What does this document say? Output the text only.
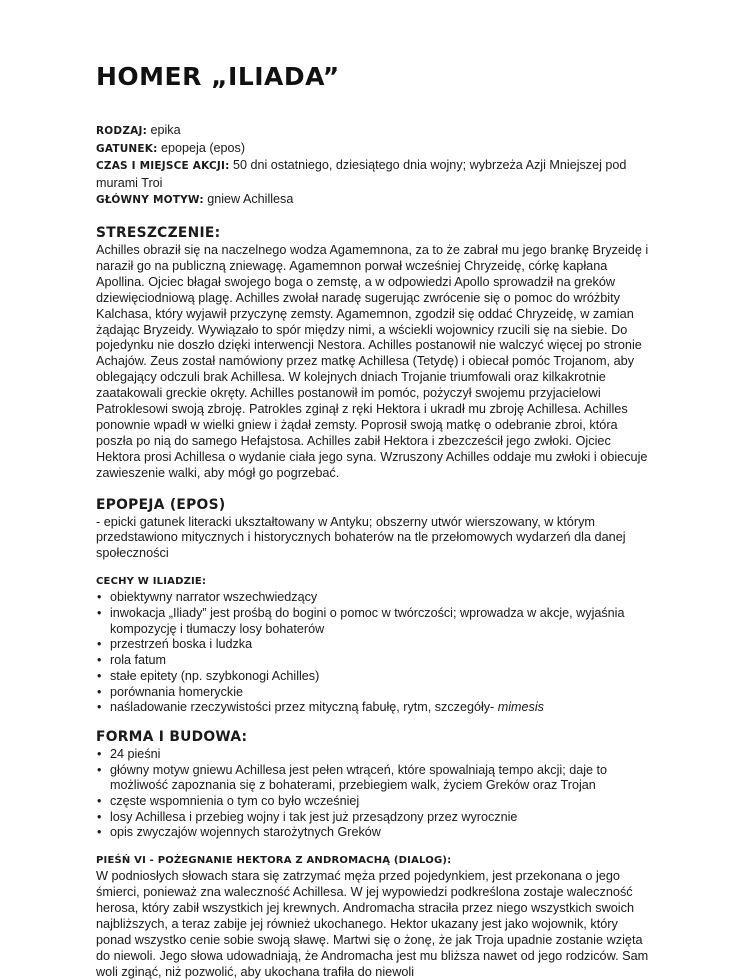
HOMER „ILIADA”
RODZAJ: epika
GATUNEK: epopeja (epos)
CZAS I MIEJSCE AKCJI: 50 dni ostatniego, dziesiątego dnia wojny; wybrzeża Azji Mniejszej pod murami Troi
GŁÓWNY MOTYW: gniew Achillesa
STRESZCZENIE:

Achilles obraził się na naczelnego wodza Agamemnona, za to że zabrał mu jego brankę Bryzeidę i naraził go na publiczną zniewagę. Agamemnon porwał wcześniej Chryzeidę, córkę kapłana Apollina. Ojciec błagał swojego boga o zemstę, a w odpowiedzi Apollo sprowadził na greków dziewięciodniową plagę. Achilles zwołał naradę sugerując zwrócenie się o pomoc do wróżbity Kalchasa, który wyjawił przyczynę zemsty. Agamemnon, zgodził się oddać Chryzeidę, w zamian żądając Bryzeidy. Wywiązało to spór między nimi, a wściekli wojownicy rzucili się na siebie. Do pojedynku nie doszło dzięki interwencji Nestora. Achilles postanowił nie walczyć więcej po stronie Achajów. Zeus został namówiony przez matkę Achillesa (Tetydę) i obiecał pomóc Trojanom, aby oblegający odczuli brak Achillesa. W kolejnych dniach Trojanie triumfowali oraz kilkakrotnie zaatakowali greckie okręty. Achilles postanowił im pomóc, pożyczył swojemu przyjacielowi Patroklesowi swoją zbroję. Patrokles zginął z ręki Hektora i ukradł mu zbroję Achillesa. Achilles ponownie wpadł w wielki gniew i żądał zemsty. Poprosił swoją matkę o odebranie zbroi, która poszła po nią do samego Hefajstosa. Achilles zabił Hektora i zbezcześcił jego zwłoki. Ojciec Hektora prosi Achillesa o wydanie ciała jego syna. Wzruszony Achilles oddaje mu zwłoki i obiecuje zawieszenie walki, aby mógł go pogrzebać.

EPOPEJA (EPOS)

- epicki gatunek literacki ukształtowany w Antyku; obszerny utwór wierszowany, w którym przedstawiono mitycznych i historycznych bohaterów na tle przełomowych wydarzeń dla danej społeczności

CECHY W ILIADZIE:
• obiektywny narrator wszechwiedzący
• inwokacja „Iliady” jest prośbą do bogini o pomoc w twórczości; wprowadza w akcje, wyjaśnia kompozycję i tłumaczy losy bohaterów
• przestrzeń boska i ludzka
• rola fatum
• stałe epitety (np. szybkonogi Achilles)
• porównania homeryckie
• naśladowanie rzeczywistości przez mityczną fabułę, rytm, szczegóły- mimesis
FORMA I BUDOWA:
• 24 pieśni
• główny motyw gniewu Achillesa jest pełen wtrąceń, które spowalniają tempo akcji; daje to możliwość zapoznania się z bohaterami, przebiegiem walk, życiem Greków oraz Trojan
• częste wspomnienia o tym co było wcześniej
• losy Achillesa i przebieg wojny i tak jest już przesądzony przez wyrocznie
• opis zwyczajów wojennych starożytnych Greków
PIEŚŃ VI - POŻEGNANIE HEKTORA Z ANDROMACHĄ (DIALOG):

W podniosłych słowach stara się zatrzymać męża przed pojedynkiem, jest przekonana o jego śmierci, ponieważ zna waleczność Achillesa. W jej wypowiedzi podkreślona zostaje waleczność herosa, który zabił wszystkich jej krewnych. Andromacha straciła przez niego wszystkich swoich najbliższych, a teraz zabije jej również ukochanego. Hektor ukazany jest jako wojownik, który ponad wszystko cenie sobie swoją sławę. Martwi się o żonę, że jak Troja upadnie zostanie wzięta do niewoli. Jego słowa udowadniają, że Andromacha jest mu bliższa nawet od jego rodziców. Sam woli zginąć, niż pozwolić, aby ukochana trafiła do niewoli
